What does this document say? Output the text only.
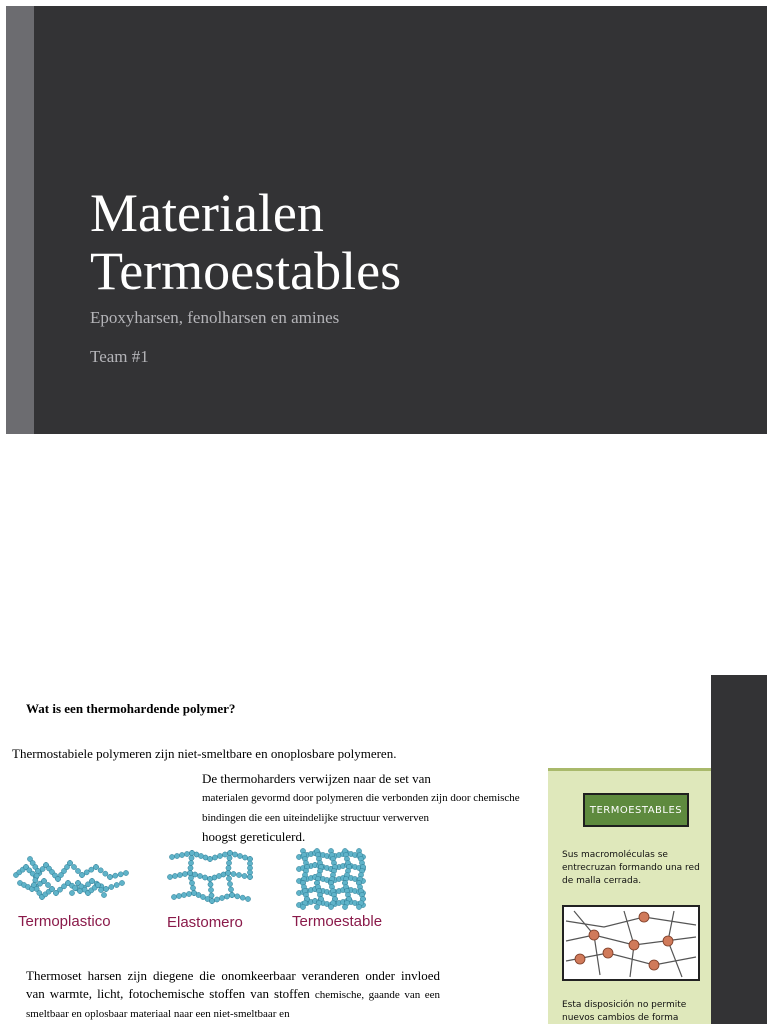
Materialen
Termoestables

Epoxyharsen, fenolharsen en amines

Team #1

Wat is een thermohardende polymer?

Thermostabiele polymeren zijn niet-smeltbare en onoplosbare polymeren.

De thermoharders verwijzen naar de set van
materialen gevormd door polymeren die verbonden zijn door chemische bindingen die een uiteindelijke structuur verwerven
hoogst gereticulerd.

Termoplastico	Elastomero	Termoestable

Thermoset harsen zijn diegene die onomkeerbaar veranderen onder invloed van warmte, licht, fotochemische stoffen van stoffen chemische, gaande van een smeltbaar en oplosbaar materiaal naar een niet-smeltbaar en

TERMOESTABLES

Sus macromoléculas se entrecruzan formando una red de malla cerrada.

Esta disposición no permite nuevos cambios de forma
